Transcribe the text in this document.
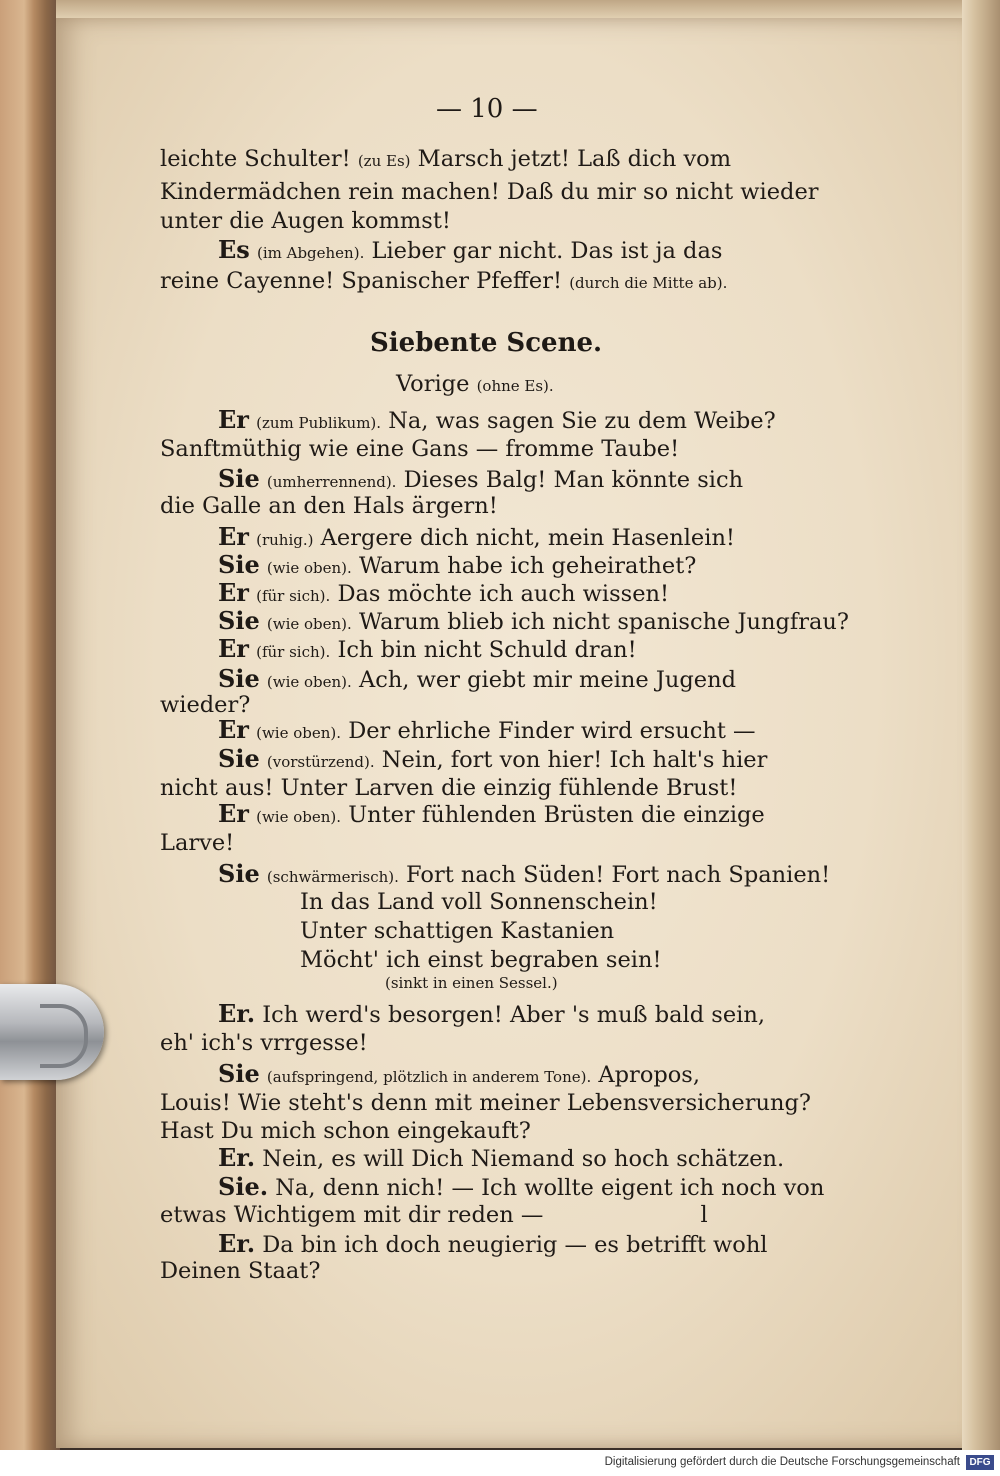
— 10 —
leichte Schulter! (zu Es) Marsch jetzt! Laß dich vom
Kindermädchen rein machen! Daß du mir so nicht wieder
unter die Augen kommst!
Es (im Abgehen). Lieber gar nicht. Das ist ja das
reine Cayenne! Spanischer Pfeffer! (durch die Mitte ab).
Siebente Scene.
Vorige (ohne Es).
Er (zum Publikum). Na, was sagen Sie zu dem Weibe?
Sanftmüthig wie eine Gans — fromme Taube!
Sie (umherrennend). Dieses Balg! Man könnte sich
die Galle an den Hals ärgern!
Er (ruhig.) Aergere dich nicht, mein Hasenlein!
Sie (wie oben). Warum habe ich geheirathet?
Er (für sich). Das möchte ich auch wissen!
Sie (wie oben). Warum blieb ich nicht spanische Jungfrau?
Er (für sich). Ich bin nicht Schuld dran!
Sie (wie oben). Ach, wer giebt mir meine Jugend
wieder?
Er (wie oben). Der ehrliche Finder wird ersucht —
Sie (vorstürzend). Nein, fort von hier! Ich halt's hier
nicht aus! Unter Larven die einzig fühlende Brust!
Er (wie oben). Unter fühlenden Brüsten die einzige
Larve!
Sie (schwärmerisch). Fort nach Süden! Fort nach Spanien!
In das Land voll Sonnenschein!
Unter schattigen Kastanien
Möcht' ich einst begraben sein!
(sinkt in einen Sessel.)
Er. Ich werd's besorgen! Aber 's muß bald sein,
eh' ich's vrrgesse!
Sie (aufspringend, plötzlich in anderem Tone). Apropos,
Louis! Wie steht's denn mit meiner Lebensversicherung?
Hast Du mich schon eingekauft?
Er. Nein, es will Dich Niemand so hoch schätzen.
Sie. Na, denn nich! — Ich wollte eigent ich noch von
etwas Wichtigem mit dir reden —	l
Er. Da bin ich doch neugierig — es betrifft wohl
Deinen Staat?
Digitalisierung gefördert durch die Deutsche Forschungsgemeinschaft DFG
